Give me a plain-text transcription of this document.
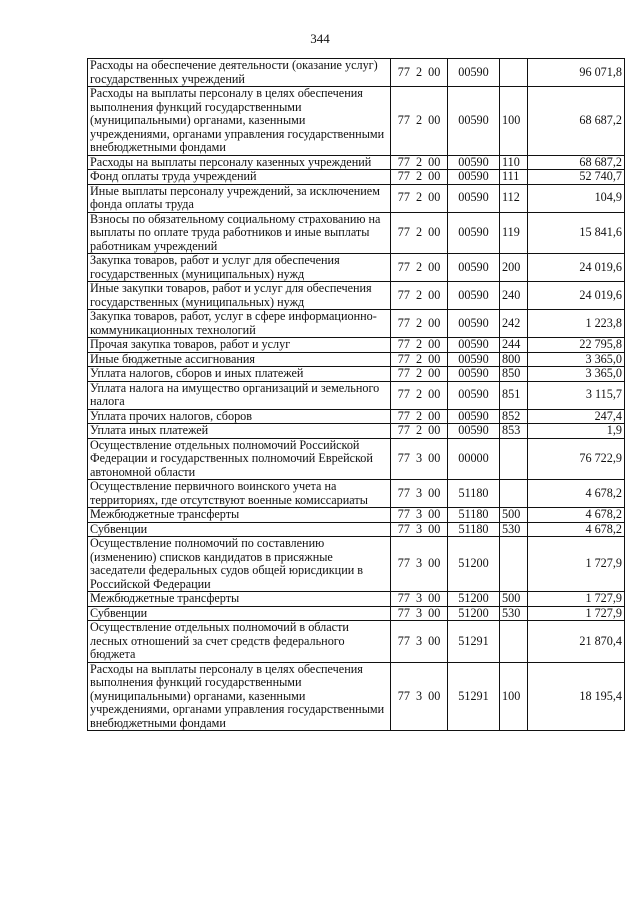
344
Расходы на обеспечение деятельности (оказание услуг) государственных учреждений	77 2 00	00590		96 071,8
Расходы на выплаты персоналу в целях обеспечения выполнения функций государственными (муниципальными) органами, казенными учреждениями, органами управления государственными внебюджетными фондами	77 2 00	00590	100	68 687,2
Расходы на выплаты персоналу казенных учреждений	77 2 00	00590	110	68 687,2
Фонд оплаты труда учреждений	77 2 00	00590	111	52 740,7
Иные выплаты персоналу учреждений, за исключением фонда оплаты труда	77 2 00	00590	112	104,9
Взносы по обязательному социальному страхованию на выплаты по оплате труда работников и иные выплаты работникам учреждений	77 2 00	00590	119	15 841,6
Закупка товаров, работ и услуг для обеспечения государственных (муниципальных) нужд	77 2 00	00590	200	24 019,6
Иные закупки товаров, работ и услуг для обеспечения государственных (муниципальных) нужд	77 2 00	00590	240	24 019,6
Закупка товаров, работ, услуг в сфере информационно-коммуникационных технологий	77 2 00	00590	242	1 223,8
Прочая закупка товаров, работ и услуг	77 2 00	00590	244	22 795,8
Иные бюджетные ассигнования	77 2 00	00590	800	3 365,0
Уплата налогов, сборов и иных платежей	77 2 00	00590	850	3 365,0
Уплата налога на имущество организаций и земельного налога	77 2 00	00590	851	3 115,7
Уплата прочих налогов, сборов	77 2 00	00590	852	247,4
Уплата иных платежей	77 2 00	00590	853	1,9
Осуществление отдельных полномочий Российской Федерации и государственных полномочий Еврейской автономной области	77 3 00	00000		76 722,9
Осуществление первичного воинского учета на территориях, где отсутствуют военные комиссариаты	77 3 00	51180		4 678,2
Межбюджетные трансферты	77 3 00	51180	500	4 678,2
Субвенции	77 3 00	51180	530	4 678,2
Осуществление полномочий по составлению (изменению) списков кандидатов в присяжные заседатели федеральных судов общей юрисдикции в Российской Федерации	77 3 00	51200		1 727,9
Межбюджетные трансферты	77 3 00	51200	500	1 727,9
Субвенции	77 3 00	51200	530	1 727,9
Осуществление отдельных полномочий в области лесных отношений за счет средств федерального бюджета	77 3 00	51291		21 870,4
Расходы на выплаты персоналу в целях обеспечения выполнения функций государственными (муниципальными) органами, казенными учреждениями, органами управления государственными внебюджетными фондами	77 3 00	51291	100	18 195,4
